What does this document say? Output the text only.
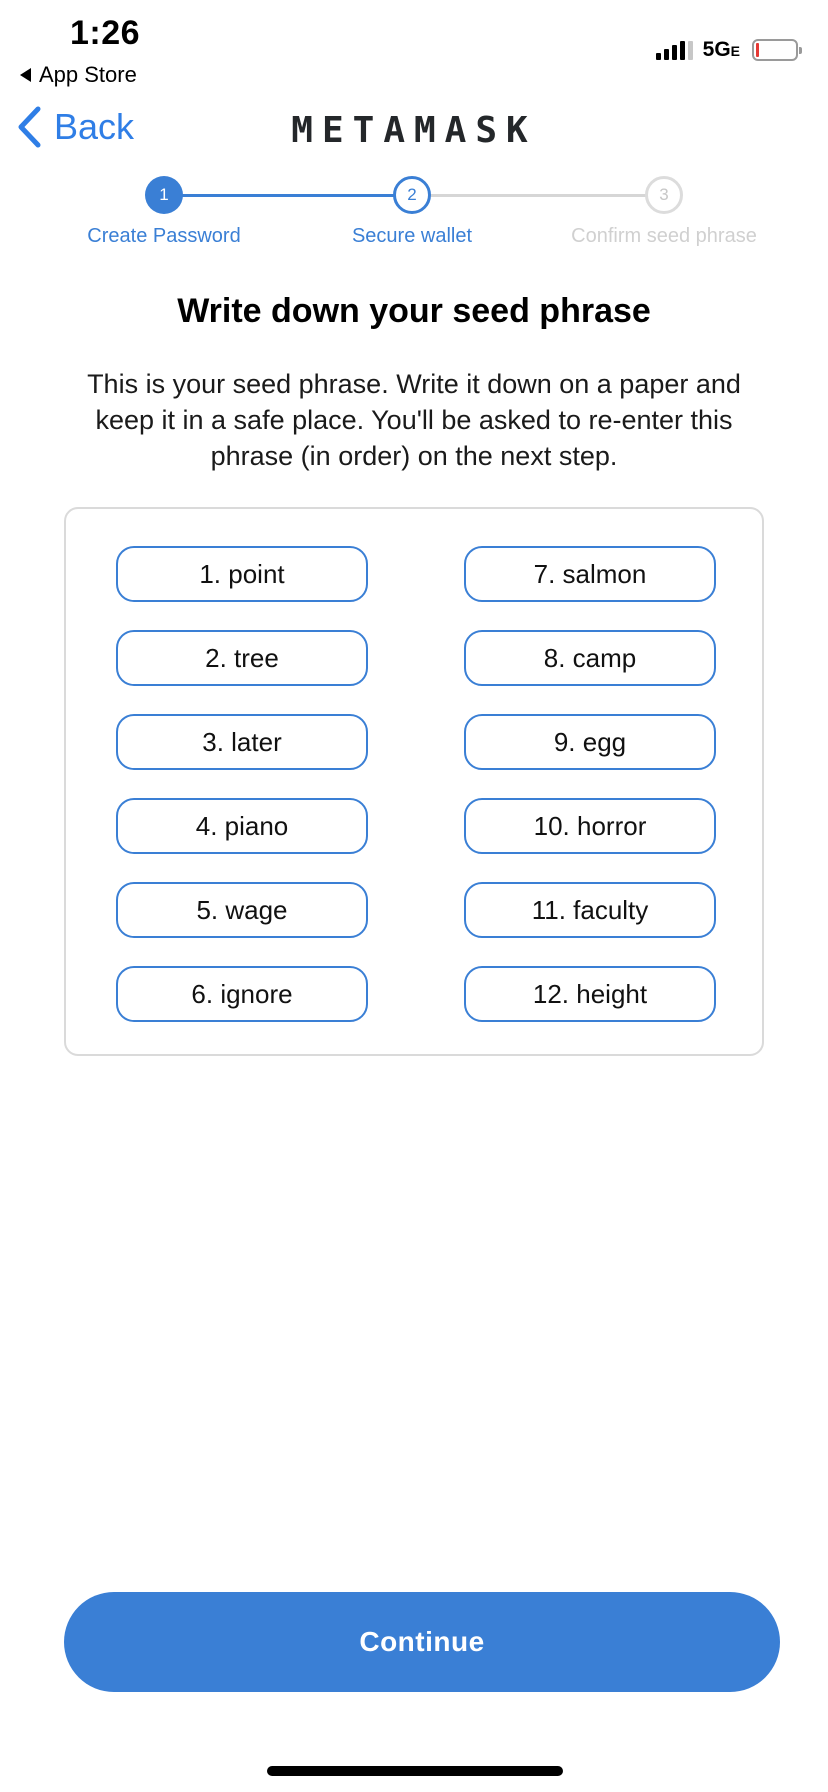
1:26
App Store
5GE
Back	METAMASK
1	2	3
Create Password	Secure wallet	Confirm seed phrase
Write down your seed phrase

This is your seed phrase. Write it down on a paper and keep it in a safe place. You'll be asked to re-enter this phrase (in order) on the next step.

1. point
2. tree
3. later
4. piano
5. wage
6. ignore
7. salmon
8. camp
9. egg
10. horror
11. faculty
12. height
Continue
